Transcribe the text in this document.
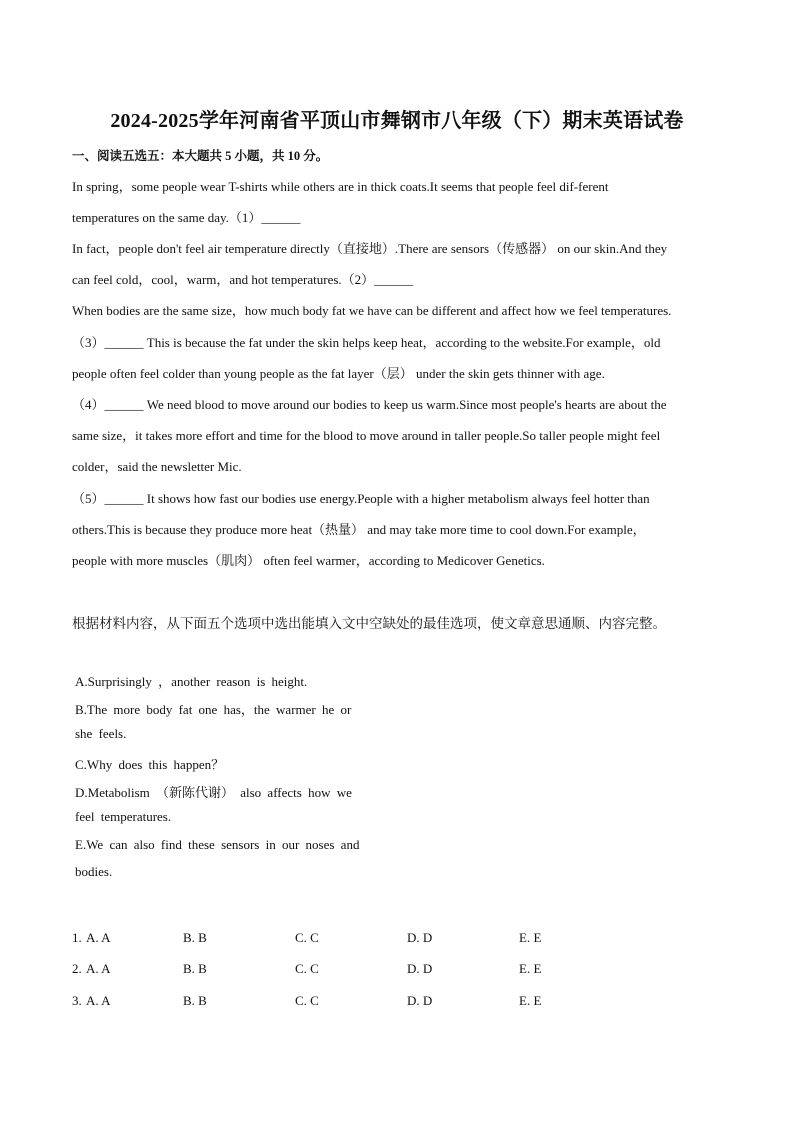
2024-2025学年河南省平顶山市舞钢市八年级（下）期末英语试卷
一、阅读五选五：本大题共 5 小题，共 10 分。
In spring，some people wear T-shirts while others are in thick coats.It seems that people feel dif-ferent
temperatures on the same day.（1）______
In fact，people don't feel air temperature directly（直接地）.There are sensors（传感器） on our skin.And they
can feel cold，cool，warm，and hot temperatures.（2）______
When bodies are the same size，how much body fat we have can be different and affect how we feel temperatures.
（3）______ This is because the fat under the skin helps keep heat，according to the website.For example，old
people often feel colder than young people as the fat layer（层） under the skin gets thinner with age.
（4）______ We need blood to move around our bodies to keep us warm.Since most people's hearts are about the
same size，it takes more effort and time for the blood to move around in taller people.So taller people might feel
colder，said the newsletter Mic.
（5）______ It shows how fast our bodies use energy.People with a higher metabolism always feel hotter than
others.This is because they produce more heat（热量） and may take more time to cool down.For example，
people with more muscles（肌肉） often feel warmer，according to Medicover Genetics.
根据材料内容，从下面五个选项中选出能填入文中空缺处的最佳选项，使文章意思通顺、内容完整。
A.Surprisingly ，another reason is height.
B.The more body fat one has，the warmer he or
she feels.
C.Why does this happen？
D.Metabolism （新陈代谢） also affects how we
feel temperatures.
E.We can also find these sensors in our noses and
bodies.
1. A. A	B. B	C. C	D. D	E. E
2. A. A	B. B	C. C	D. D	E. E
3. A. A	B. B	C. C	D. D	E. E
